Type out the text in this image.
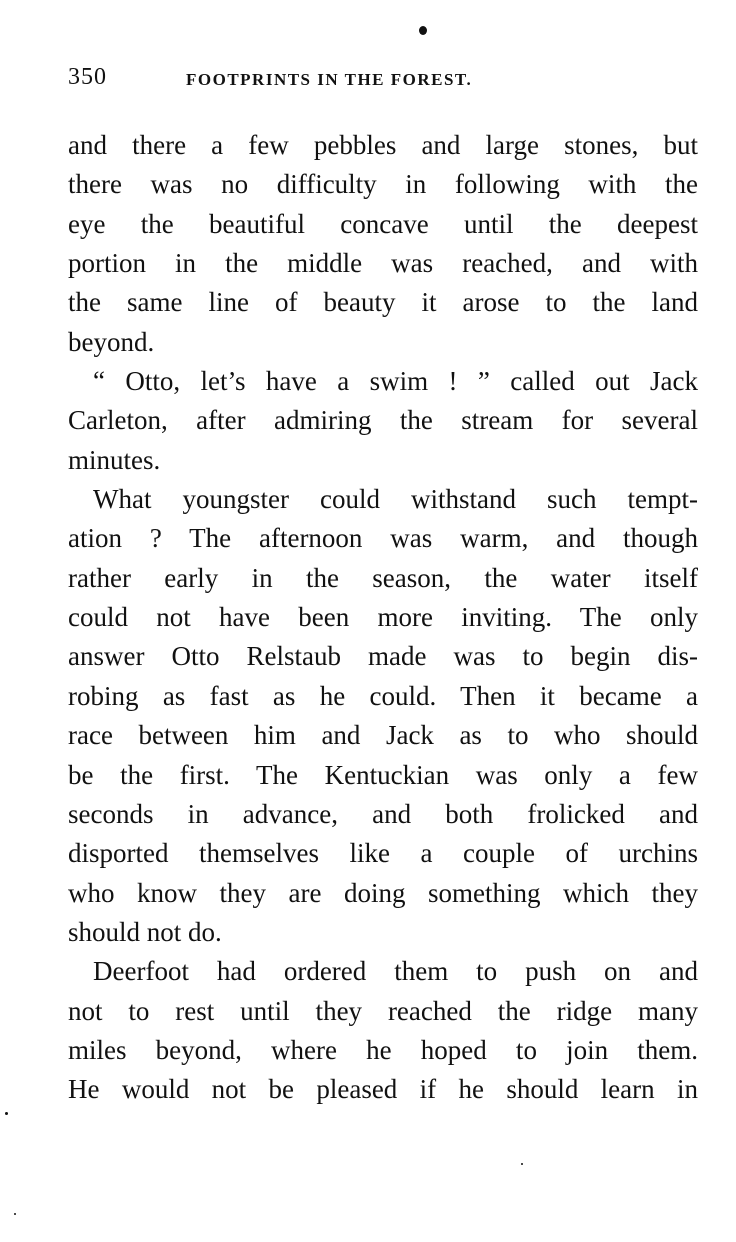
350	FOOTPRINTS IN THE FOREST.
and there a few pebbles and large stones, but
there was no difficulty in following with the
eye the beautiful concave until the deepest
portion in the middle was reached, and with
the same line of beauty it arose to the land
beyond.
“ Otto, let’s have a swim ! ” called out Jack
Carleton, after admiring the stream for several
minutes.
What youngster could withstand such tempt-
ation ? The afternoon was warm, and though
rather early in the season, the water itself
could not have been more inviting. The only
answer Otto Relstaub made was to begin dis-
robing as fast as he could. Then it became a
race between him and Jack as to who should
be the first. The Kentuckian was only a few
seconds in advance, and both frolicked and
disported themselves like a couple of urchins
who know they are doing something which they
should not do.
Deerfoot had ordered them to push on and
not to rest until they reached the ridge many
miles beyond, where he hoped to join them.
He would not be pleased if he should learn in
